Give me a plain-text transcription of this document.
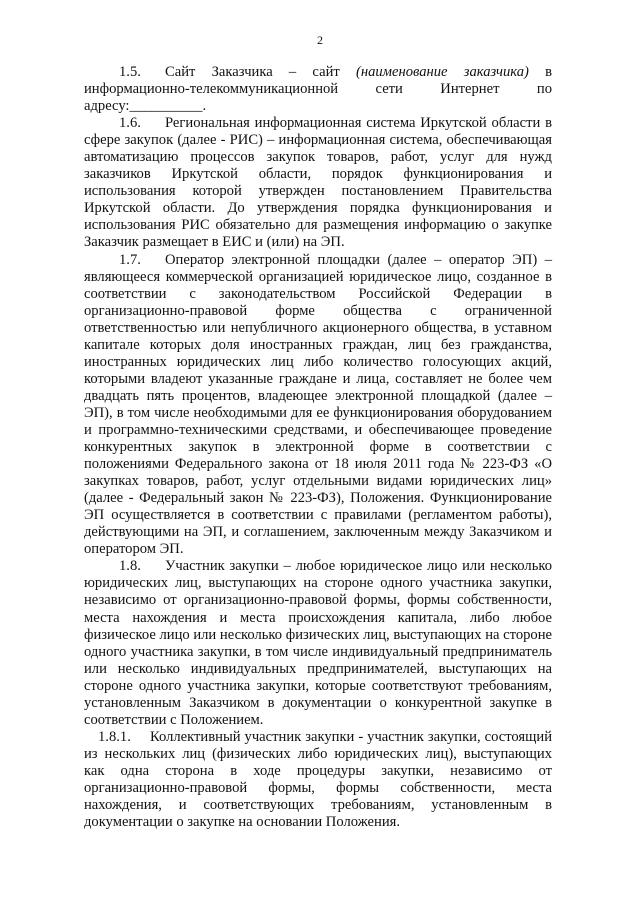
2

1.5. Сайт Заказчика – сайт (наименование заказчика) в информационно-телекоммуникационной сети Интернет по адресу:__________.

1.6. Региональная информационная система Иркутской области в сфере закупок (далее - РИС) – информационная система, обеспечивающая автоматизацию процессов закупок товаров, работ, услуг для нужд заказчиков Иркутской области, порядок функционирования и использования которой утвержден постановлением Правительства Иркутской области. До утверждения порядка функционирования и использования РИС обязательно для размещения информацию о закупке Заказчик размещает в ЕИС и (или) на ЭП.

1.7. Оператор электронной площадки (далее – оператор ЭП) – являющееся коммерческой организацией юридическое лицо, созданное в соответствии с законодательством Российской Федерации в организационно-правовой форме общества с ограниченной ответственностью или непубличного акционерного общества, в уставном капитале которых доля иностранных граждан, лиц без гражданства, иностранных юридических лиц либо количество голосующих акций, которыми владеют указанные граждане и лица, составляет не более чем двадцать пять процентов, владеющее электронной площадкой (далее – ЭП), в том числе необходимыми для ее функционирования оборудованием и программно-техническими средствами, и обеспечивающее проведение конкурентных закупок в электронной форме в соответствии с положениями Федерального закона от 18 июля 2011 года № 223-ФЗ «О закупках товаров, работ, услуг отдельными видами юридических лиц» (далее - Федеральный закон № 223-ФЗ), Положения. Функционирование ЭП осуществляется в соответствии с правилами (регламентом работы), действующими на ЭП, и соглашением, заключенным между Заказчиком и оператором ЭП.

1.8. Участник закупки – любое юридическое лицо или несколько юридических лиц, выступающих на стороне одного участника закупки, независимо от организационно-правовой формы, формы собственности, места нахождения и места происхождения капитала, либо любое физическое лицо или несколько физических лиц, выступающих на стороне одного участника закупки, в том числе индивидуальный предприниматель или несколько индивидуальных предпринимателей, выступающих на стороне одного участника закупки, которые соответствуют требованиям, установленным Заказчиком в документации о конкурентной закупке в соответствии с Положением.

1.8.1. Коллективный участник закупки - участник закупки, состоящий из нескольких лиц (физических либо юридических лиц), выступающих как одна сторона в ходе процедуры закупки, независимо от организационно-правовой формы, формы собственности, места нахождения, и соответствующих требованиям, установленным в документации о закупке на основании Положения.
